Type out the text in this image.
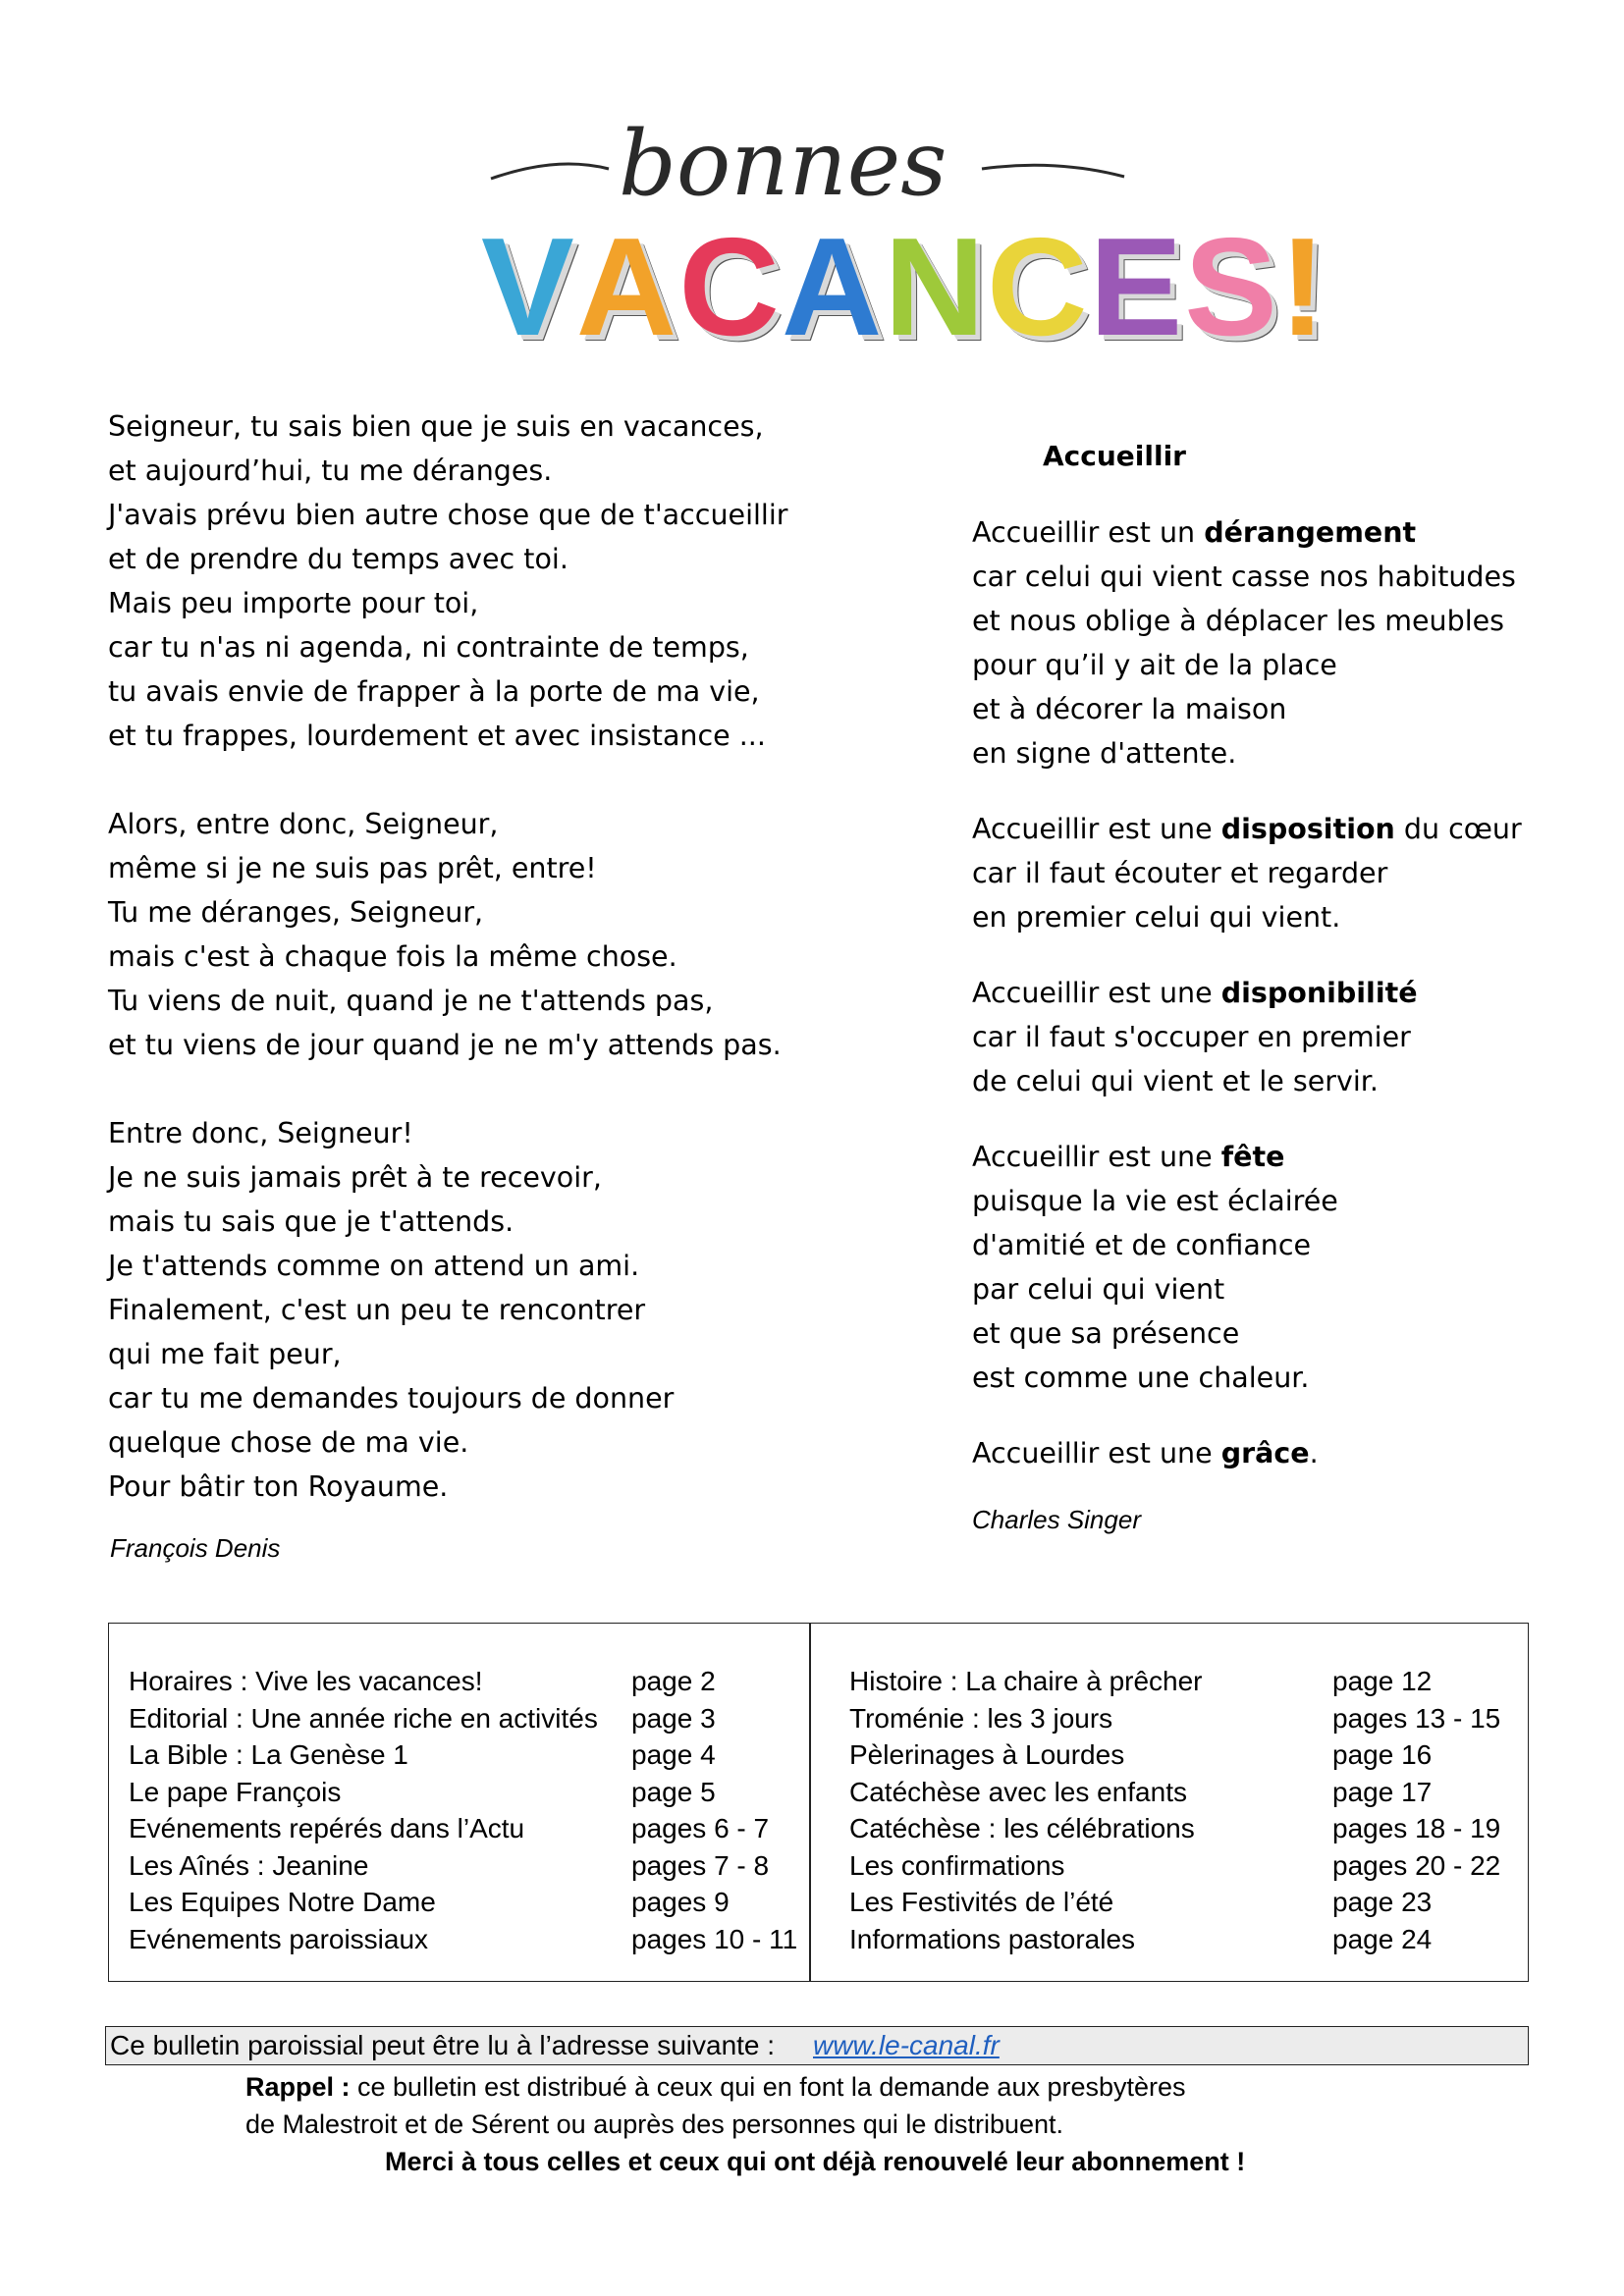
bonnes
VACANCES!
Seigneur, tu sais bien que je suis en vacances,
et aujourd’hui, tu me déranges.
J'avais prévu bien autre chose que de t'accueillir
et de prendre du temps avec toi.
Mais peu importe pour toi,
car tu n'as ni agenda, ni contrainte de temps,
tu avais envie de frapper à la porte de ma vie,
et tu frappes, lourdement et avec insistance ...
Alors, entre donc, Seigneur,
même si je ne suis pas prêt, entre!
Tu me déranges, Seigneur,
mais c'est à chaque fois la même chose.
Tu viens de nuit, quand je ne t'attends pas,
et tu viens de jour quand je ne m'y attends pas.
Entre donc, Seigneur!
Je ne suis jamais prêt à te recevoir,
mais tu sais que je t'attends.
Je t'attends comme on attend un ami.
Finalement, c'est un peu te rencontrer
qui me fait peur,
car tu me demandes toujours de donner
quelque chose de ma vie.
Pour bâtir ton Royaume.
François Denis
Accueillir
Accueillir est un dérangement
car celui qui vient casse nos habitudes
et nous oblige à déplacer les meubles
pour qu’il y ait de la place
et à décorer la maison
en signe d'attente.
Accueillir est une disposition du cœur
car il faut écouter et regarder
en premier celui qui vient.
Accueillir est une disponibilité
car il faut s'occuper en premier
de celui qui vient et le servir.
Accueillir est une fête
puisque la vie est éclairée
d'amitié et de confiance
par celui qui vient
et que sa présence
est comme une chaleur.
Accueillir est une grâce.
Charles Singer
Horaires : Vive les vacances!	page 2
Editorial : Une année riche en activités page 3
La Bible : La Genèse 1	page 4
Le pape François	page 5
Evénements repérés dans l’Actu	pages 6 - 7
Les Aînés : Jeanine	pages 7 - 8
Les Equipes Notre Dame	pages 9
Evénements paroissiaux	pages 10 - 11
Histoire : La chaire à prêcher	page 12
Troménie : les 3 jours	pages 13 - 15
Pèlerinages à Lourdes	page 16
Catéchèse avec les enfants	page 17
Catéchèse : les célébrations	pages 18 - 19
Les confirmations	pages 20 - 22
Les Festivités de l’été	page 23
Informations pastorales	page 24
Ce bulletin paroissial peut être lu à l’adresse suivante : www.le-canal.fr
Rappel : ce bulletin est distribué à ceux qui en font la demande aux presbytères
de Malestroit et de Sérent ou auprès des personnes qui le distribuent.
Merci à tous celles et ceux qui ont déjà renouvelé leur abonnement !
